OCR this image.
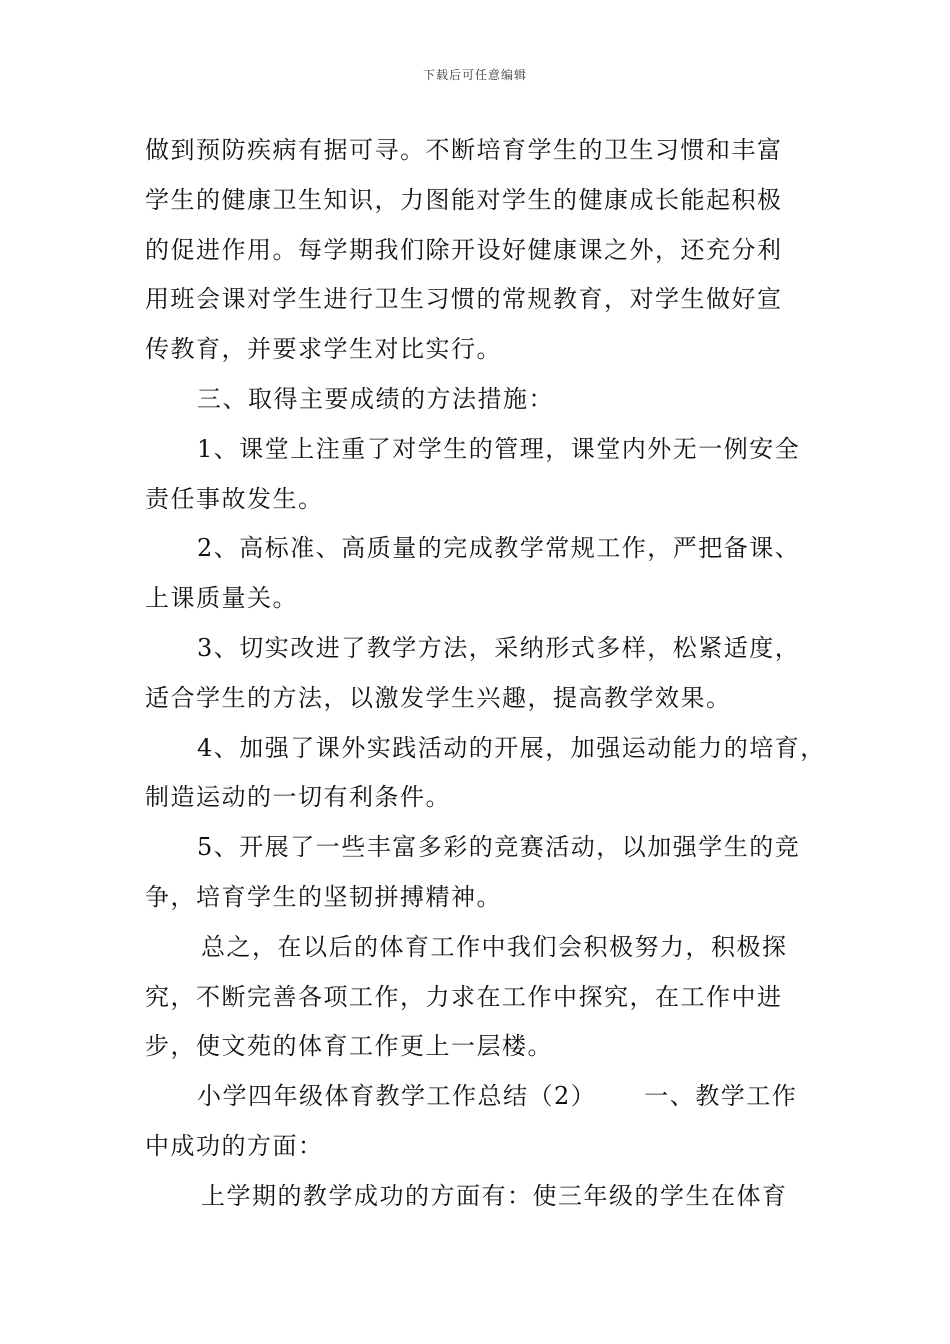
下载后可任意编辑
做到预防疾病有据可寻。不断培育学生的卫生习惯和丰富
学生的健康卫生知识，力图能对学生的健康成长能起积极
的促进作用。每学期我们除开设好健康课之外，还充分利
用班会课对学生进行卫生习惯的常规教育，对学生做好宣
传教育，并要求学生对比实行。
三、取得主要成绩的方法措施：
1、课堂上注重了对学生的管理，课堂内外无一例安全
责任事故发生。
2、高标准、高质量的完成教学常规工作，严把备课、
上课质量关。
3、切实改进了教学方法，采纳形式多样，松紧适度，
适合学生的方法，以激发学生兴趣，提高教学效果。
4、加强了课外实践活动的开展，加强运动能力的培育，
制造运动的一切有利条件。
5、开展了一些丰富多彩的竞赛活动，以加强学生的竞
争，培育学生的坚韧拼搏精神。
总之，在以后的体育工作中我们会积极努力，积极探
究，不断完善各项工作，力求在工作中探究，在工作中进
步，使文苑的体育工作更上一层楼。
小学四年级体育教学工作总结（2） 一、教学工作
中成功的方面：
上学期的教学成功的方面有：使三年级的学生在体育
